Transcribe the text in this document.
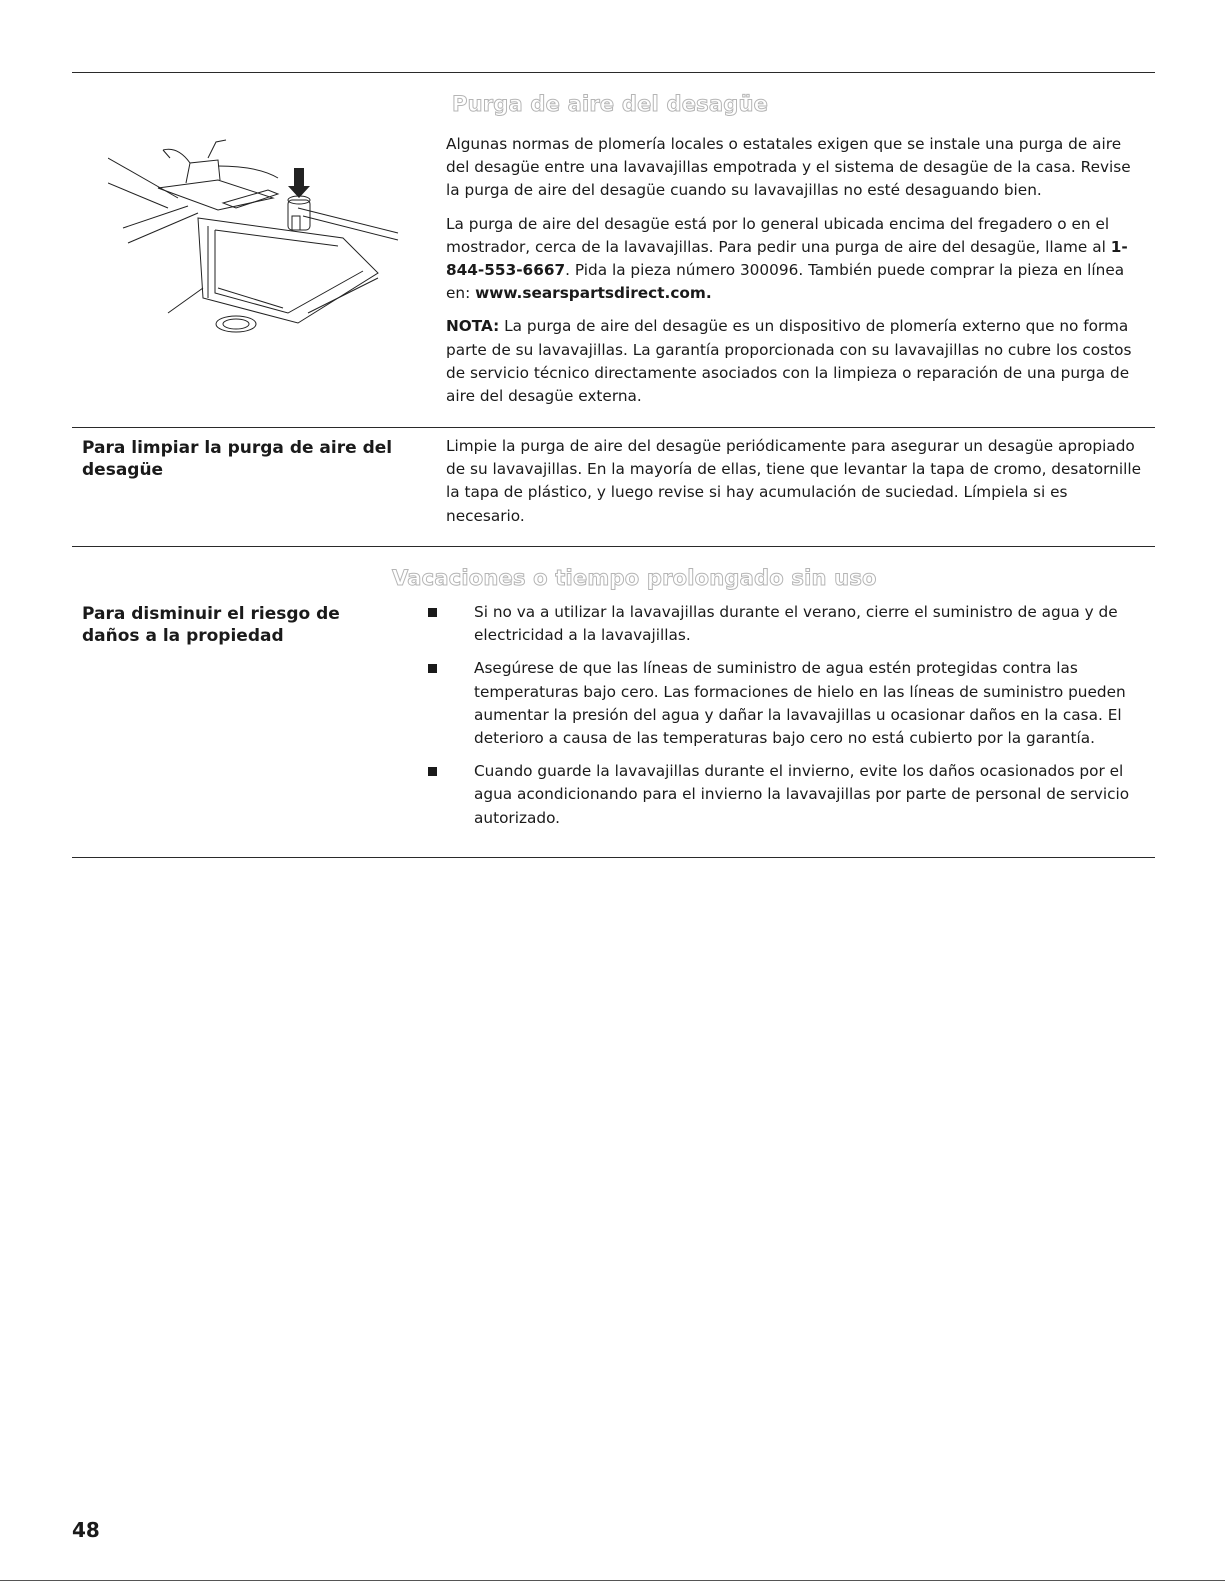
Purga de aire del desagüe

Algunas normas de plomería locales o estatales exigen que se instale una purga de aire del desagüe entre una lavavajillas empotrada y el sistema de desagüe de la casa. Revise la purga de aire del desagüe cuando su lavavajillas no esté desaguando bien.

La purga de aire del desagüe está por lo general ubicada encima del fregadero o en el mostrador, cerca de la lavavajillas. Para pedir una purga de aire del desagüe, llame al 1-844-553-6667. Pida la pieza número 300096. También puede comprar la pieza en línea en: www.searspartsdirect.com.

NOTA: La purga de aire del desagüe es un dispositivo de plomería externo que no forma parte de su lavavajillas. La garantía proporcionada con su lavavajillas no cubre los costos de servicio técnico directamente asociados con la limpieza o reparación de una purga de aire del desagüe externa.

Para limpiar la purga de aire del desagüe

Limpie la purga de aire del desagüe periódicamente para asegurar un desagüe apropiado de su lavavajillas. En la mayoría de ellas, tiene que levantar la tapa de cromo, desatornille la tapa de plástico, y luego revise si hay acumulación de suciedad. Límpiela si es necesario.

Vacaciones o tiempo prolongado sin uso
Para disminuir el riesgo de daños a la propiedad
Si no va a utilizar la lavavajillas durante el verano, cierre el suministro de agua y de electricidad a la lavavajillas.
Asegúrese de que las líneas de suministro de agua estén protegidas contra las temperaturas bajo cero. Las formaciones de hielo en las líneas de suministro pueden aumentar la presión del agua y dañar la lavavajillas u ocasionar daños en la casa. El deterioro a causa de las temperaturas bajo cero no está cubierto por la garantía.
Cuando guarde la lavavajillas durante el invierno, evite los daños ocasionados por el agua acondicionando para el invierno la lavavajillas por parte de personal de servicio autorizado.
48
